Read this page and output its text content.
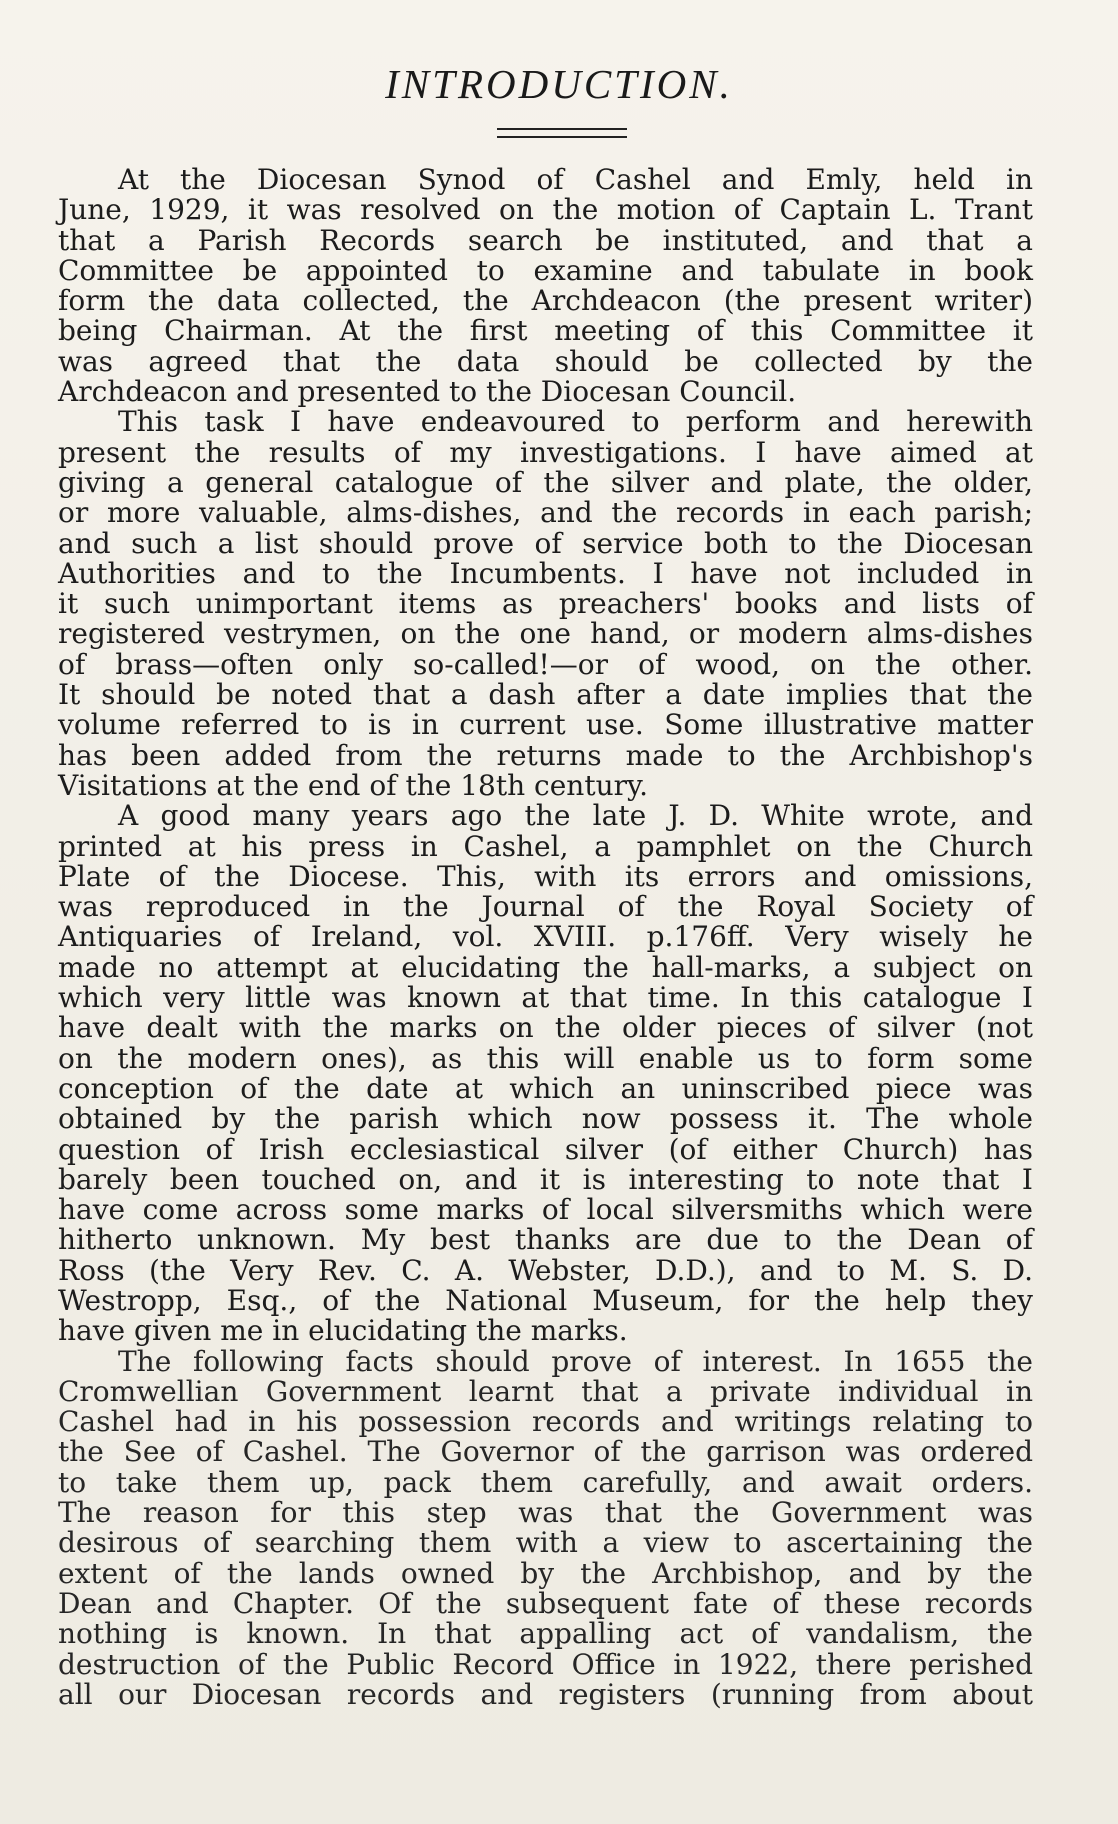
INTRODUCTION.
At the Diocesan Synod of Cashel and Emly, held in
June, 1929, it was resolved on the motion of Captain L. Trant
that a Parish Records search be instituted, and that a
Committee be appointed to examine and tabulate in book
form the data collected, the Archdeacon (the present writer)
being Chairman. At the first meeting of this Committee it
was agreed that the data should be collected by the
Archdeacon and presented to the Diocesan Council.
This task I have endeavoured to perform and herewith
present the results of my investigations. I have aimed at
giving a general catalogue of the silver and plate, the older,
or more valuable, alms-dishes, and the records in each parish;
and such a list should prove of service both to the Diocesan
Authorities and to the Incumbents. I have not included in
it such unimportant items as preachers' books and lists of
registered vestrymen, on the one hand, or modern alms-dishes
of brass—often only so-called!—or of wood, on the other.
It should be noted that a dash after a date implies that the
volume referred to is in current use. Some illustrative matter
has been added from the returns made to the Archbishop's
Visitations at the end of the 18th century.
A good many years ago the late J. D. White wrote, and
printed at his press in Cashel, a pamphlet on the Church
Plate of the Diocese. This, with its errors and omissions,
was reproduced in the Journal of the Royal Society of
Antiquaries of Ireland, vol. XVIII. p.176ff. Very wisely he
made no attempt at elucidating the hall-marks, a subject on
which very little was known at that time. In this catalogue I
have dealt with the marks on the older pieces of silver (not
on the modern ones), as this will enable us to form some
conception of the date at which an uninscribed piece was
obtained by the parish which now possess it. The whole
question of Irish ecclesiastical silver (of either Church) has
barely been touched on, and it is interesting to note that I
have come across some marks of local silversmiths which were
hitherto unknown. My best thanks are due to the Dean of
Ross (the Very Rev. C. A. Webster, D.D.), and to M. S. D.
Westropp, Esq., of the National Museum, for the help they
have given me in elucidating the marks.
The following facts should prove of interest. In 1655 the
Cromwellian Government learnt that a private individual in
Cashel had in his possession records and writings relating to
the See of Cashel. The Governor of the garrison was ordered
to take them up, pack them carefully, and await orders.
The reason for this step was that the Government was
desirous of searching them with a view to ascertaining the
extent of the lands owned by the Archbishop, and by the
Dean and Chapter. Of the subsequent fate of these records
nothing is known. In that appalling act of vandalism, the
destruction of the Public Record Office in 1922, there perished
all our Diocesan records and registers (running from about
